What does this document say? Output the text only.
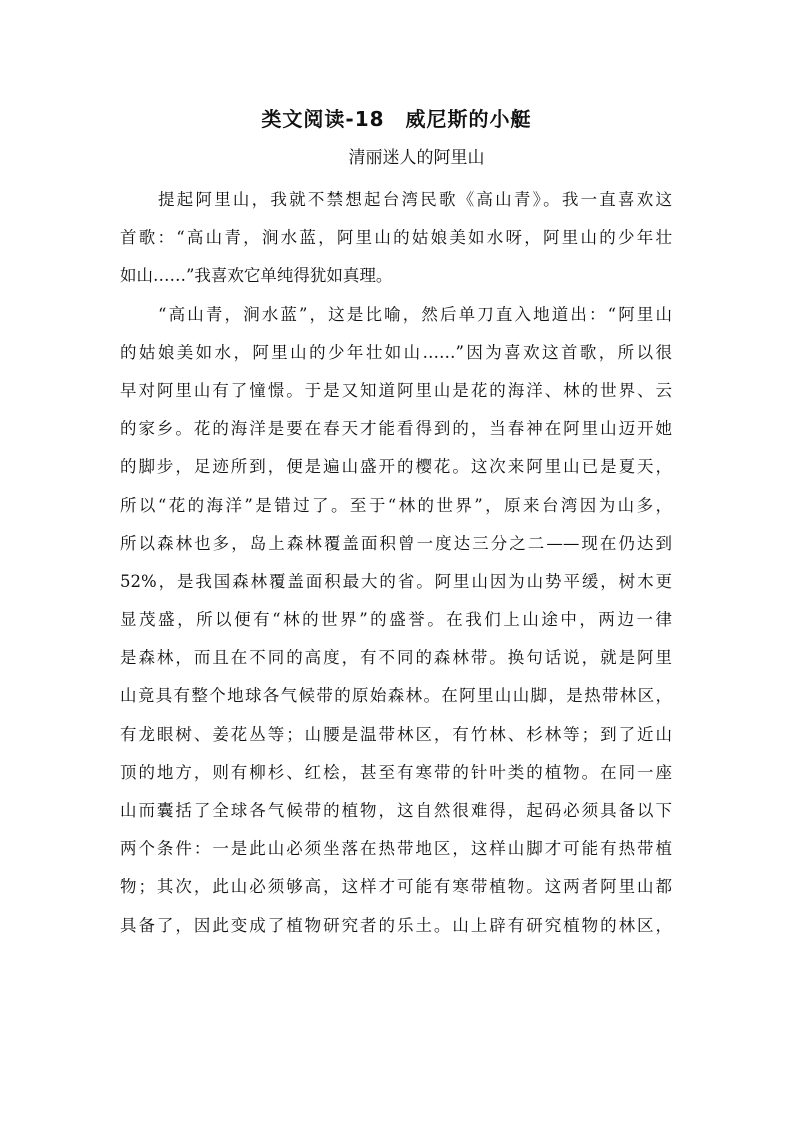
类文阅读-18　威尼斯的小艇
清丽迷人的阿里山
提起阿里山，我就不禁想起台湾民歌《高山青》。我一直喜欢这
首歌：“高山青，涧水蓝，阿里山的姑娘美如水呀，阿里山的少年壮
如山……”我喜欢它单纯得犹如真理。
“高山青，涧水蓝”，这是比喻，然后单刀直入地道出：“阿里山
的姑娘美如水，阿里山的少年壮如山……”因为喜欢这首歌，所以很
早对阿里山有了憧憬。于是又知道阿里山是花的海洋、林的世界、云
的家乡。花的海洋是要在春天才能看得到的，当春神在阿里山迈开她
的脚步，足迹所到，便是遍山盛开的樱花。这次来阿里山已是夏天，
所以“花的海洋”是错过了。至于“林的世界”，原来台湾因为山多，
所以森林也多，岛上森林覆盖面积曾一度达三分之二——现在仍达到
52%，是我国森林覆盖面积最大的省。阿里山因为山势平缓，树木更
显茂盛，所以便有“林的世界”的盛誉。在我们上山途中，两边一律
是森林，而且在不同的高度，有不同的森林带。换句话说，就是阿里
山竟具有整个地球各气候带的原始森林。在阿里山山脚，是热带林区，
有龙眼树、姜花丛等；山腰是温带林区，有竹林、杉林等；到了近山
顶的地方，则有柳杉、红桧，甚至有寒带的针叶类的植物。在同一座
山而囊括了全球各气候带的植物，这自然很难得，起码必须具备以下
两个条件：一是此山必须坐落在热带地区，这样山脚才可能有热带植
物；其次，此山必须够高，这样才可能有寒带植物。这两者阿里山都
具备了，因此变成了植物研究者的乐土。山上辟有研究植物的林区，
